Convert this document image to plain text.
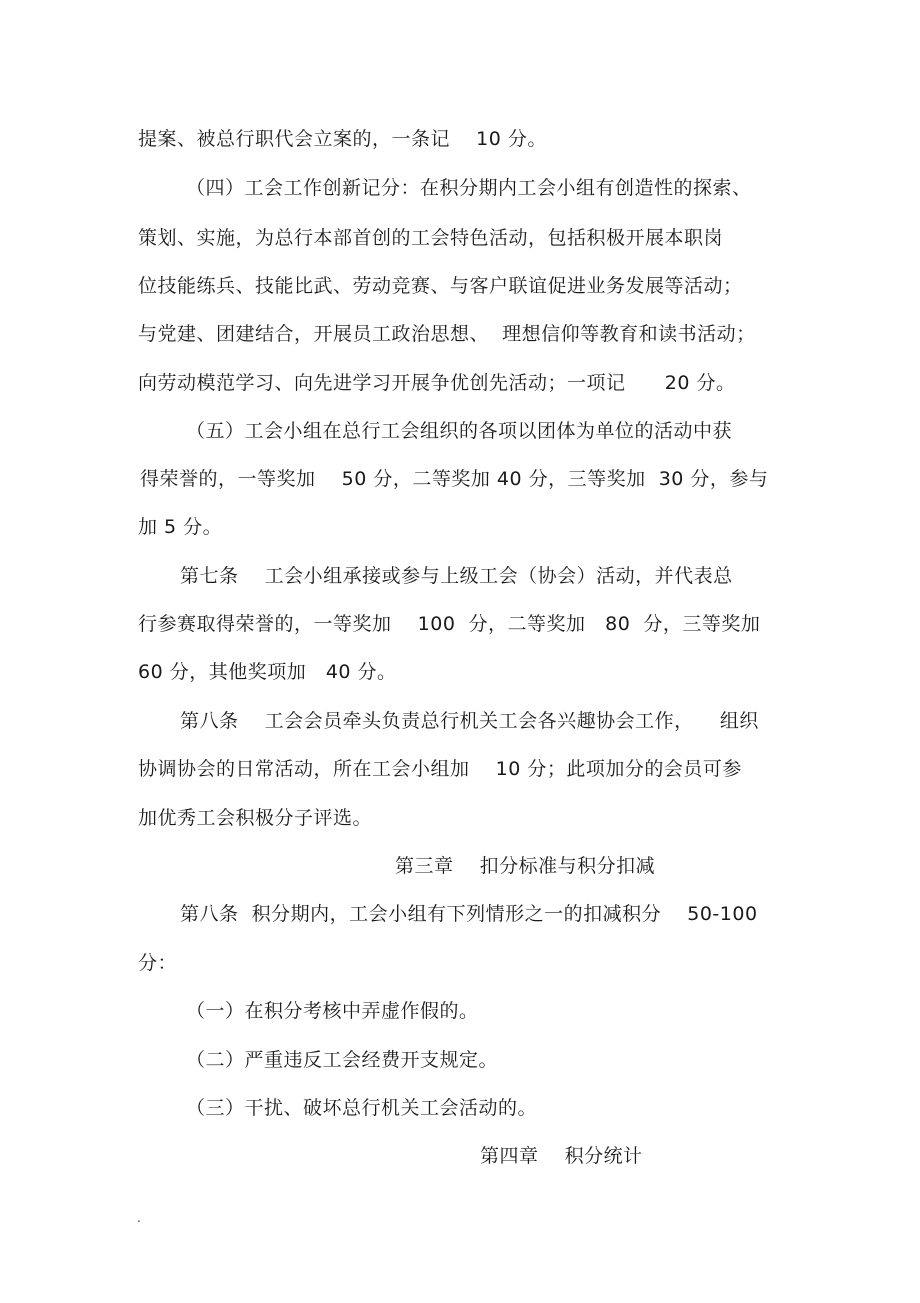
提案、被总行职代会立案的，一条记    10 分。
（四）工会工作创新记分：在积分期内工会小组有创造性的探索、
策划、实施，为总行本部首创的工会特色活动，包括积极开展本职岗
位技能练兵、技能比武、劳动竞赛、与客户联谊促进业务发展等活动；
与党建、团建结合，开展员工政治思想、  理想信仰等教育和读书活动；
向劳动模范学习、向先进学习开展争优创先活动；一项记      20 分。
（五）工会小组在总行工会组织的各项以团体为单位的活动中获
得荣誉的，一等奖加    50 分，二等奖加 40 分，三等奖加  30 分，参与
加 5 分。
第七条    工会小组承接或参与上级工会（协会）活动，并代表总
行参赛取得荣誉的，一等奖加    100  分，二等奖加   80  分，三等奖加
60 分，其他奖项加   40 分。
第八条    工会会员牵头负责总行机关工会各兴趣协会工作，    组织
协调协会的日常活动，所在工会小组加    10 分；此项加分的会员可参
加优秀工会积极分子评选。
第三章    扣分标准与积分扣减
第八条  积分期内，工会小组有下列情形之一的扣减积分    50-100
分：
（一）在积分考核中弄虚作假的。
（二）严重违反工会经费开支规定。
（三）干扰、破坏总行机关工会活动的。
第四章    积分统计
.
